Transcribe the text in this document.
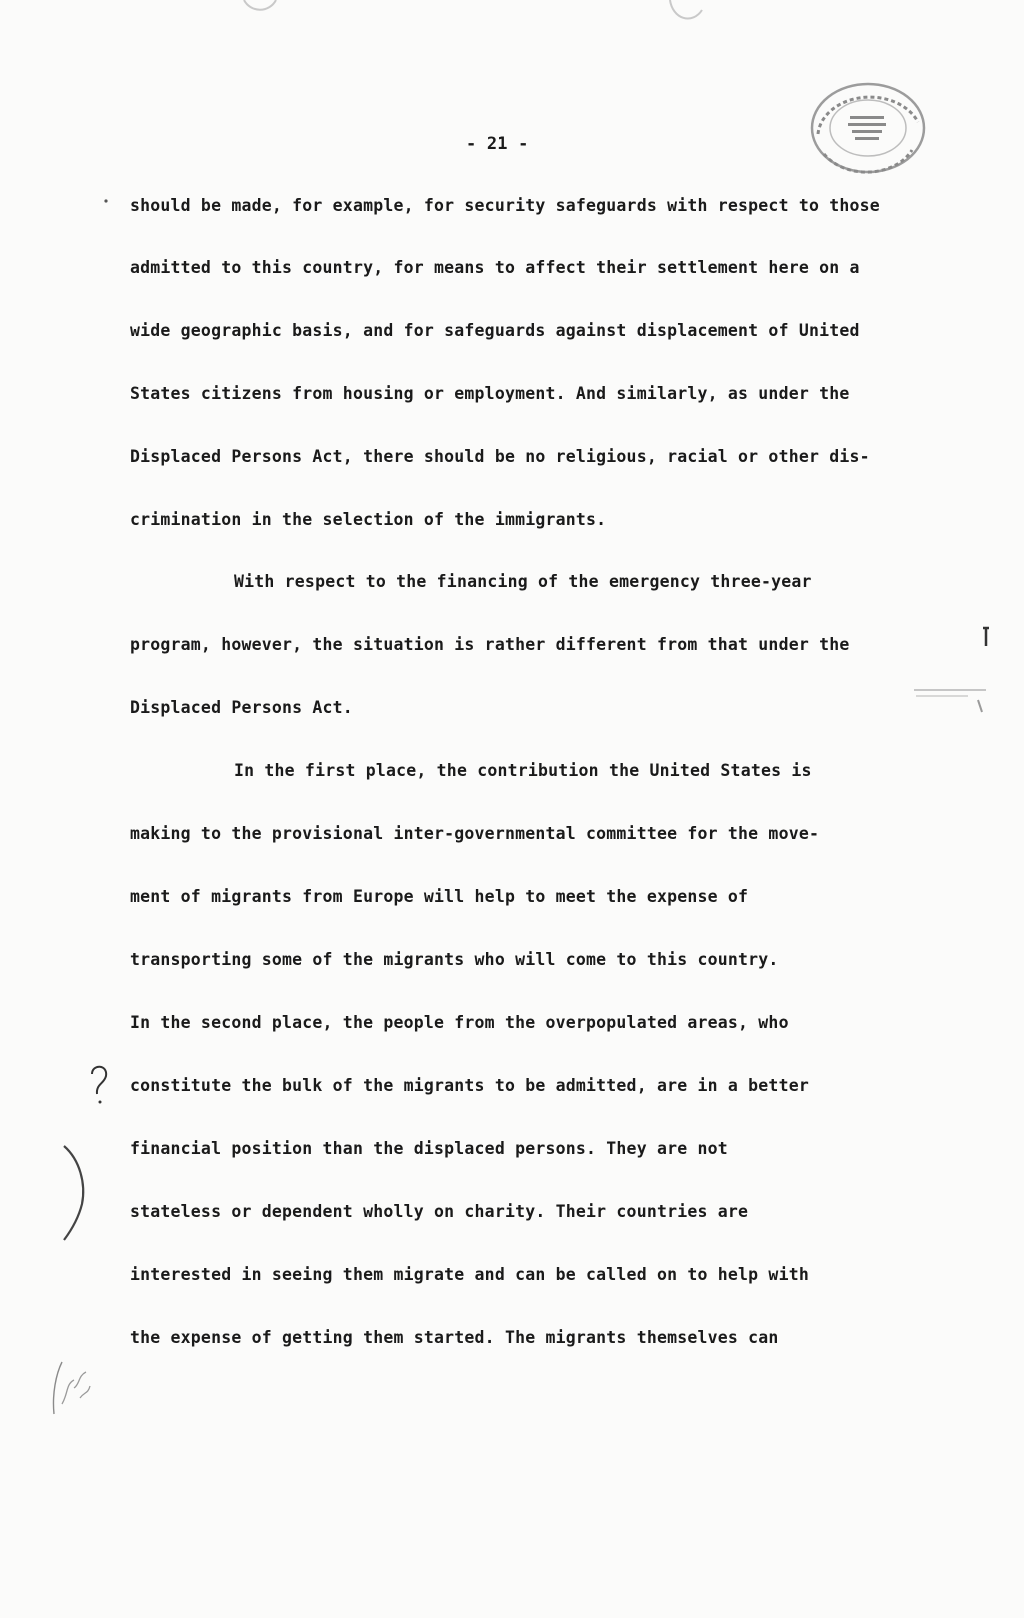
- 21 -
should be made, for example, for security safeguards with respect to those
admitted to this country, for means to affect their settlement here on a
wide geographic basis, and for safeguards against displacement of United
States citizens from housing or employment. And similarly, as under the
Displaced Persons Act, there should be no religious, racial or other dis-
crimination in the selection of the immigrants.
With respect to the financing of the emergency three-year
program, however, the situation is rather different from that under the
Displaced Persons Act.
In the first place, the contribution the United States is
making to the provisional inter-governmental committee for the move-
ment of migrants from Europe will help to meet the expense of
transporting some of the migrants who will come to this country.
In the second place, the people from the overpopulated areas, who
constitute the bulk of the migrants to be admitted, are in a better
financial position than the displaced persons. They are not
stateless or dependent wholly on charity. Their countries are
interested in seeing them migrate and can be called on to help with
the expense of getting them started. The migrants themselves can
